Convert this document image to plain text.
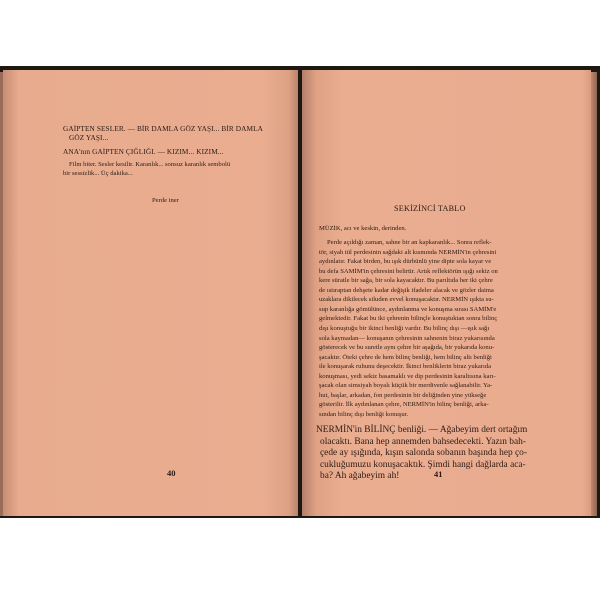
GAİPTEN SESLER. — BİR DAMLA GÖZ YAŞI... BİR DAMLA
GÖZ YAŞI...
ANA'nın GAİPTEN ÇIĞLIĞI. — KIZIM... KIZIM...
Film biter. Sesler kesilir. Karanlık... sonsuz karanlık sembolü
bir sessizlik... Üç dakika...
Perde iner
40
SEKİZİNCİ TABLO
MÜZİK, acı ve keskin, derinden.
Perde açıldığı zaman, sahne bir an kapkaranlık... Sonra reflek-
tör, siyah tül perdesinin sağdaki alt kısmında NERMİN'in çehresini
aydınlatır. Fakat birden, bu ışık dürbünlü yine dipte sola kayar ve
bu defa SAMİM'in çehresini belirtir. Artık reflektörün ışığı sekiz on
kere süratle bir sağa, bir sola kayacaktır. Bu parıltıda her iki çehre
de ıstıraptan dehşete kadar değişik ifadeler alacak ve gözler daima
uzaklara dikilecek siluden evvel konuşacaktır. NERMİN ışıkta su-
sup karanlığa gömülünce, aydınlanma ve konuşma sırası SAMİM'e
gelmektedir. Fakat bu iki çehrenin bilinçle konuştuktan sonra bilinç
dışı konuştuğu bir ikinci benliği vardır. Bu bilinç dışı —ışık sağı
sola kaymadan— konuşanın çehresinin sahnenin biraz yukarısında
gösterecek ve bu suretle aynı çehre bir aşağıda, bir yukarıda konu-
şacaktır. Öteki çehre de hem bilinç benliği, hem bilinç altı benliği
ile konuşarak ruhunu deşecektir. İkinci benliklerin biraz yukarıda
konuşması, yedi sekiz basamaklı ve dip perdesinin karaltısına karı-
şacak olan simsiyah boyalı küçük bir merdivenle sağlanabilir. Ya-
hut, başlar, arkadan, fon perdesinin bir deliğinden yine yükseğe
gösterilir. İlk aydınlanan çehre, NERMİN'in bilinç benliği, arka-
sından bilinç dışı benliği konuşur.
NERMİN'in BİLİNÇ benliği. — Ağabeyim dert ortağım
olacaktı. Bana hep annemden bahsedecekti. Yazın bah-
çede ay ışığında, kışın salonda sobanın başında hep ço-
cukluğumuzu konuşacaktık. Şimdi hangi dağlarda aca-
ba? Ah ağabeyim ah!	41
